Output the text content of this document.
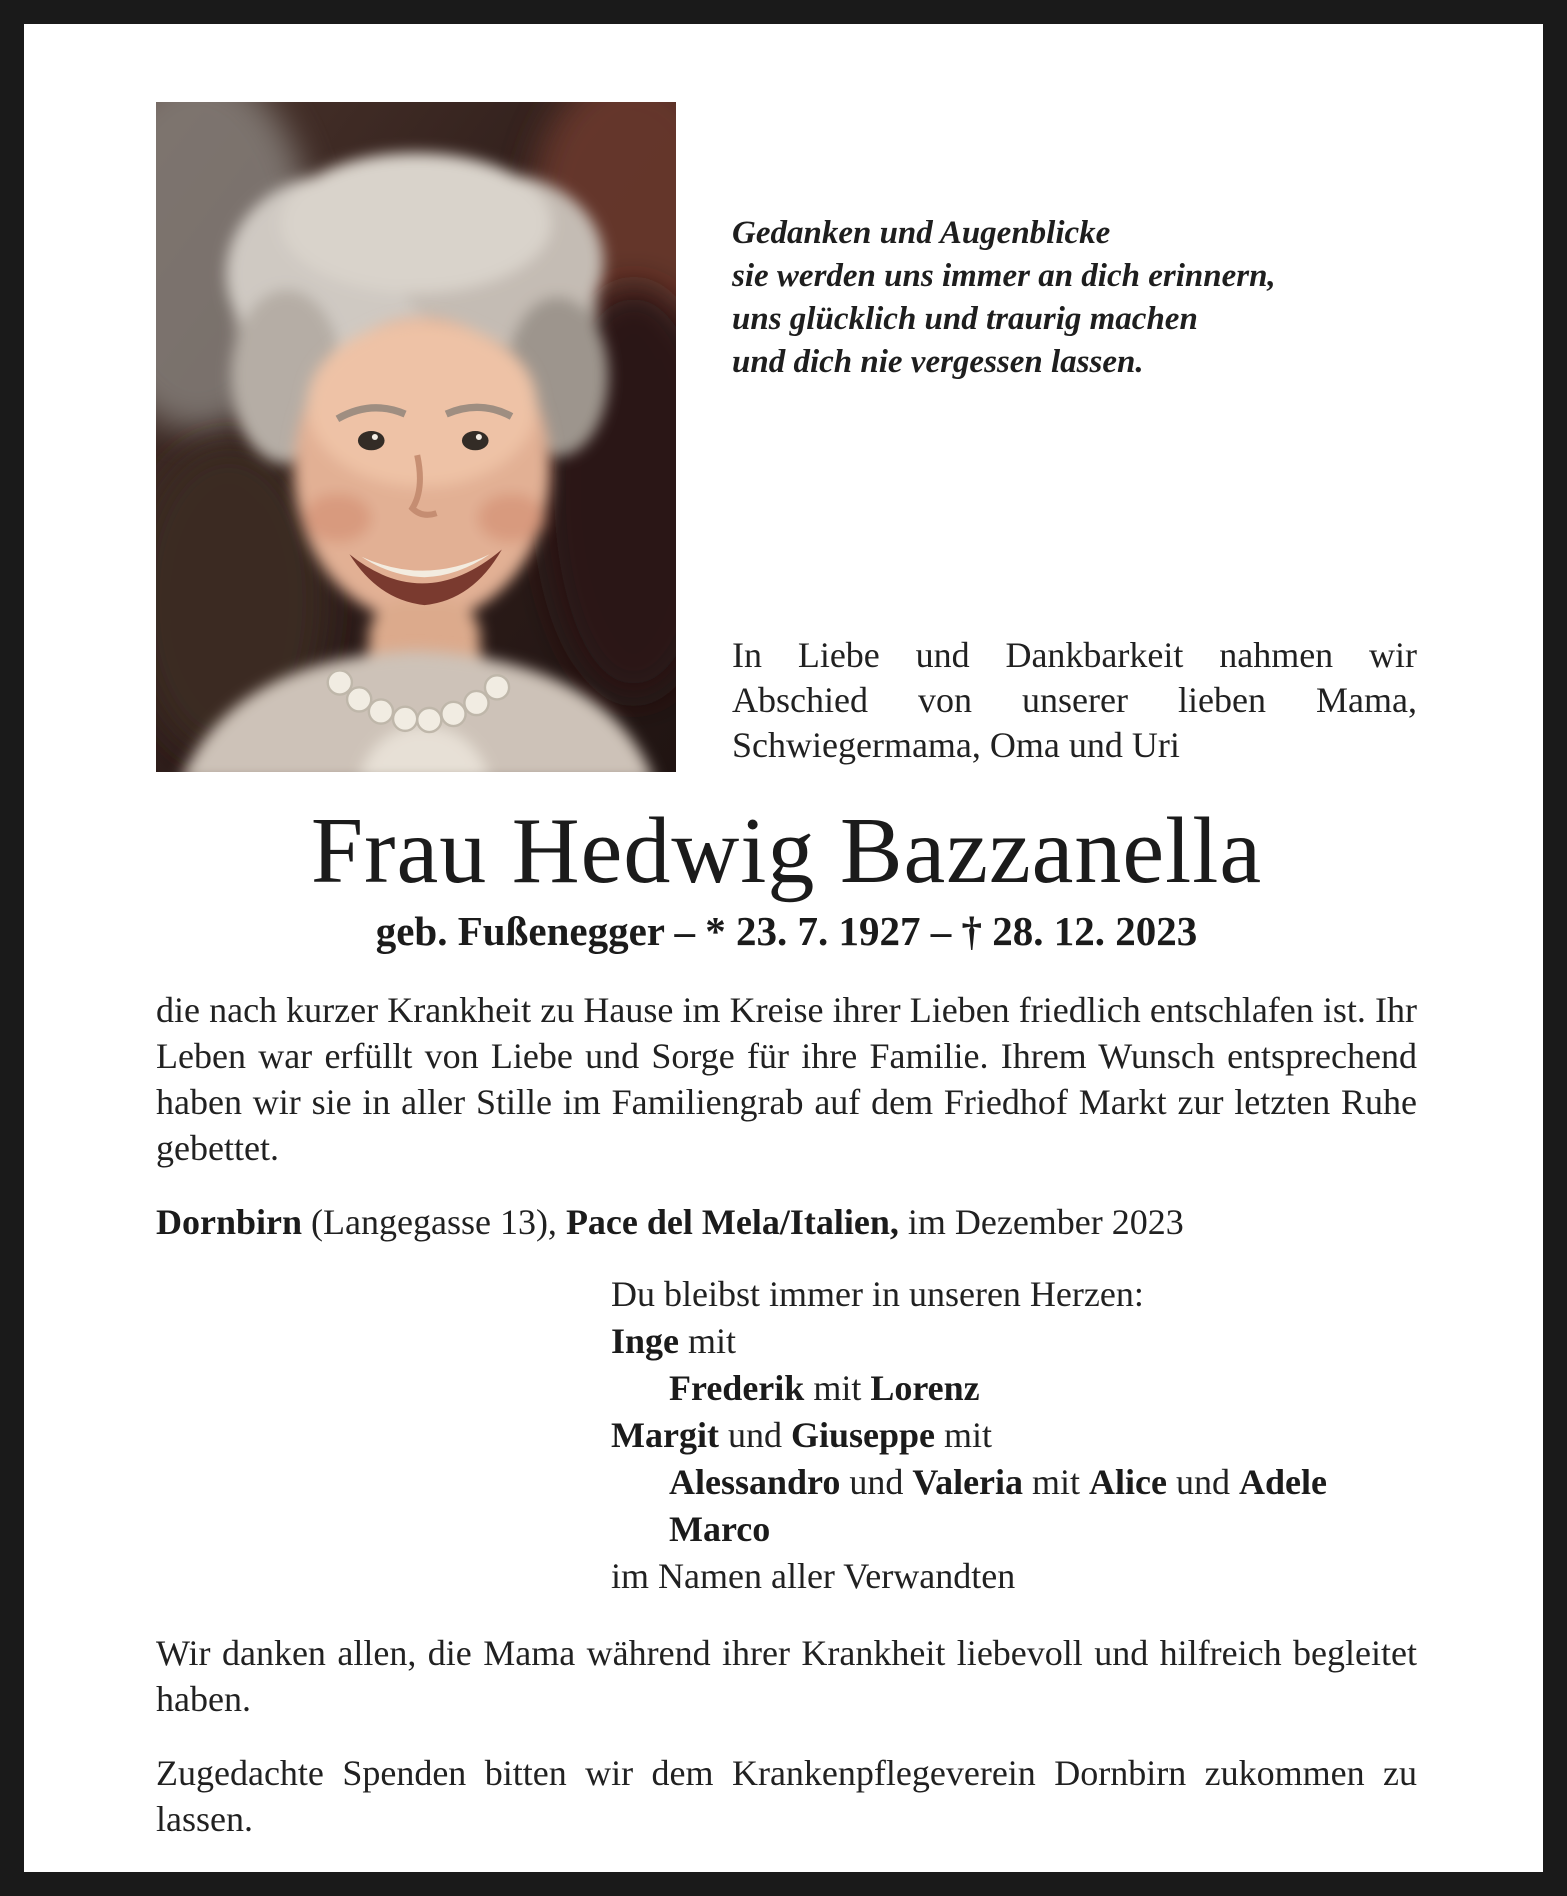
Gedanken und Augenblicke
sie werden uns immer an dich erinnern,
uns glücklich und traurig machen
und dich nie vergessen lassen.

In Liebe und Dankbarkeit nahmen wir Abschied von unserer lieben Mama, Schwiegermama, Oma und Uri

Frau Hedwig Bazzanella
geb. Fußenegger – * 23. 7. 1927 – † 28. 12. 2023

die nach kurzer Krankheit zu Hause im Kreise ihrer Lieben friedlich entschlafen ist. Ihr Leben war erfüllt von Liebe und Sorge für ihre Familie. Ihrem Wunsch entsprechend haben wir sie in aller Stille im Familiengrab auf dem Friedhof Markt zur letzten Ruhe gebettet.

Dornbirn (Langegasse 13), Pace del Mela/Italien, im Dezember 2023

Du bleibst immer in unseren Herzen:
Inge mit
Frederik mit Lorenz
Margit und Giuseppe mit
Alessandro und Valeria mit Alice und Adele
Marco
im Namen aller Verwandten

Wir danken allen, die Mama während ihrer Krankheit liebevoll und hilfreich begleitet haben.

Zugedachte Spenden bitten wir dem Krankenpflegeverein Dornbirn zukommen zu lassen.
